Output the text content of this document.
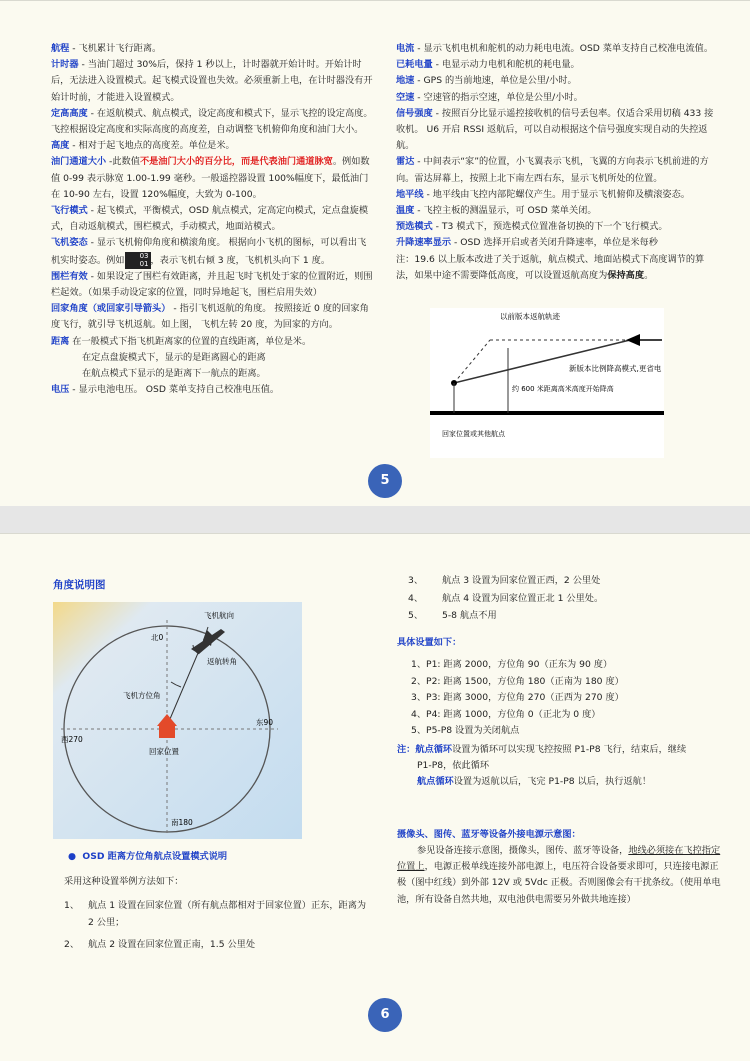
航程 - 飞机累计飞行距离。

计时器 - 当油门超过 30%后，保持 1 秒以上，计时器就开始计时。开始计时后，无法进入设置模式。起飞模式设置也失效。必须重新上电，在计时器没有开始计时前，才能进入设置模式。

定高高度 - 在返航模式、航点模式，设定高度和模式下，显示飞控的设定高度。飞控根据设定高度和实际高度的高度差，自动调整飞机俯仰角度和油门大小。

高度 - 相对于起飞地点的高度差。单位是米。

油门通道大小 -此数值不是油门大小的百分比，而是代表油门通道脉宽。例如数值 0-99 表示脉宽 1.00-1.99 毫秒。一般遥控器设置 100%幅度下，最低油门在 10-90 左右，设置 120%幅度，大致为 0-100。

飞行模式 - 起飞模式，平衡模式，OSD 航点模式，定高定向模式，定点盘旋模式，自动返航模式，围栏模式，手动模式，地面站模式。

飞机姿态 - 显示飞机俯仰角度和横滚角度。 根据向小飞机的图标，可以看出飞机实时姿态。例如 03
01 ，表示飞机右倾 3 度，飞机机头向下 1 度。

围栏有效 - 如果设定了围栏有效距离，并且起飞时飞机处于家的位置附近，则围栏起效。（如果手动设定家的位置，同时异地起飞，围栏启用失效）

回家角度（或回家引导箭头） - 指引飞机返航的角度。 按照接近 0 度的回家角度飞行，就引导飞机返航。如上图， 飞机左转 20 度，为回家的方向。

距离 在一般模式下指飞机距离家的位置的直线距离，单位是米。

在定点盘旋模式下，显示的是距离圆心的距离

在航点模式下显示的是距离下一航点的距离。

电压 - 显示电池电压。 OSD 菜单支持自己校准电压值。

电流 - 显示飞机电机和舵机的动力耗电电流。OSD 菜单支持自己校准电流值。

已耗电量 - 电显示动力电机和舵机的耗电量。

地速 - GPS 的当前地速，单位是公里/小时。

空速 - 空速管的指示空速，单位是公里/小时。

信号强度 - 按照百分比显示遥控接收机的信号丢包率。仅适合采用切稿 433 接收机。 U6 开启 RSSI 返航后，可以自动根据这个信号强度实现自动的失控返航。

雷达 - 中间表示“家”的位置，小飞翼表示飞机，飞翼的方向表示飞机前进的方向。雷达屏幕上，按照上北下南左西右东，显示飞机所处的位置。

地平线 - 地平线由飞控内部陀螺仪产生。用于显示飞机俯仰及横滚姿态。

温度 - 飞控主板的测温显示，可 OSD 菜单关闭。

预选模式 - T3 模式下，预选模式位置准备切换的下一个飞行模式。

升降速率显示 - OSD 选择开启或者关闭升降速率，单位是米每秒

注：19.6 以上版本改进了关于返航，航点模式、地面站模式下高度调节的算法，如果中途不需要降低高度，可以设置返航高度为保持高度。

以前版本返航轨迹
新版本比例降高模式,更省电
约 600 米距离高米高度开始降高
回家位置或其他航点
5
角度说明图
北0
东90
南180
西270
飞机航向
返航转角
飞机方位角
回家位置
●  OSD 距离方位角航点设置模式说明
采用这种设置举例方法如下：
1、 航点 1 设置在回家位置（所有航点都相对于回家位置）正东，距离为 2 公里；
2、 航点 2 设置在回家位置正南，1.5 公里处
3、	航点 3 设置为回家位置正西，2 公里处
4、	航点 4 设置为回家位置正北 1 公里处。
5、	5-8 航点不用
具体设置如下：
1、P1: 距离 2000，方位角 90（正东为 90 度）
2、P2: 距离 1500，方位角 180（正南为 180 度）
3、P3: 距离 3000，方位角 270（正西为 270 度）
4、P4: 距离 1000，方位角 0（正北为 0 度）
5、P5-P8 设置为关闭航点

注：航点循环设置为循环可以实现飞控按照 P1-P8 飞行，结束后，继续

P1-P8，依此循环

航点循环设置为返航以后，飞完 P1-P8 以后，执行返航！

摄像头、图传、蓝牙等设备外接电源示意图：
参见设备连接示意图，摄像头，图传、蓝牙等设备，地线必须接在飞控指定位置上，电源正极单线连接外部电源上，电压符合设备要求即可，只连接电源正极（图中红线）到外部 12V 或 5Vdc 正极。否则图像会有干扰条纹。（使用单电池，所有设备自然共地，双电池供电需要另外做共地连接）
6
